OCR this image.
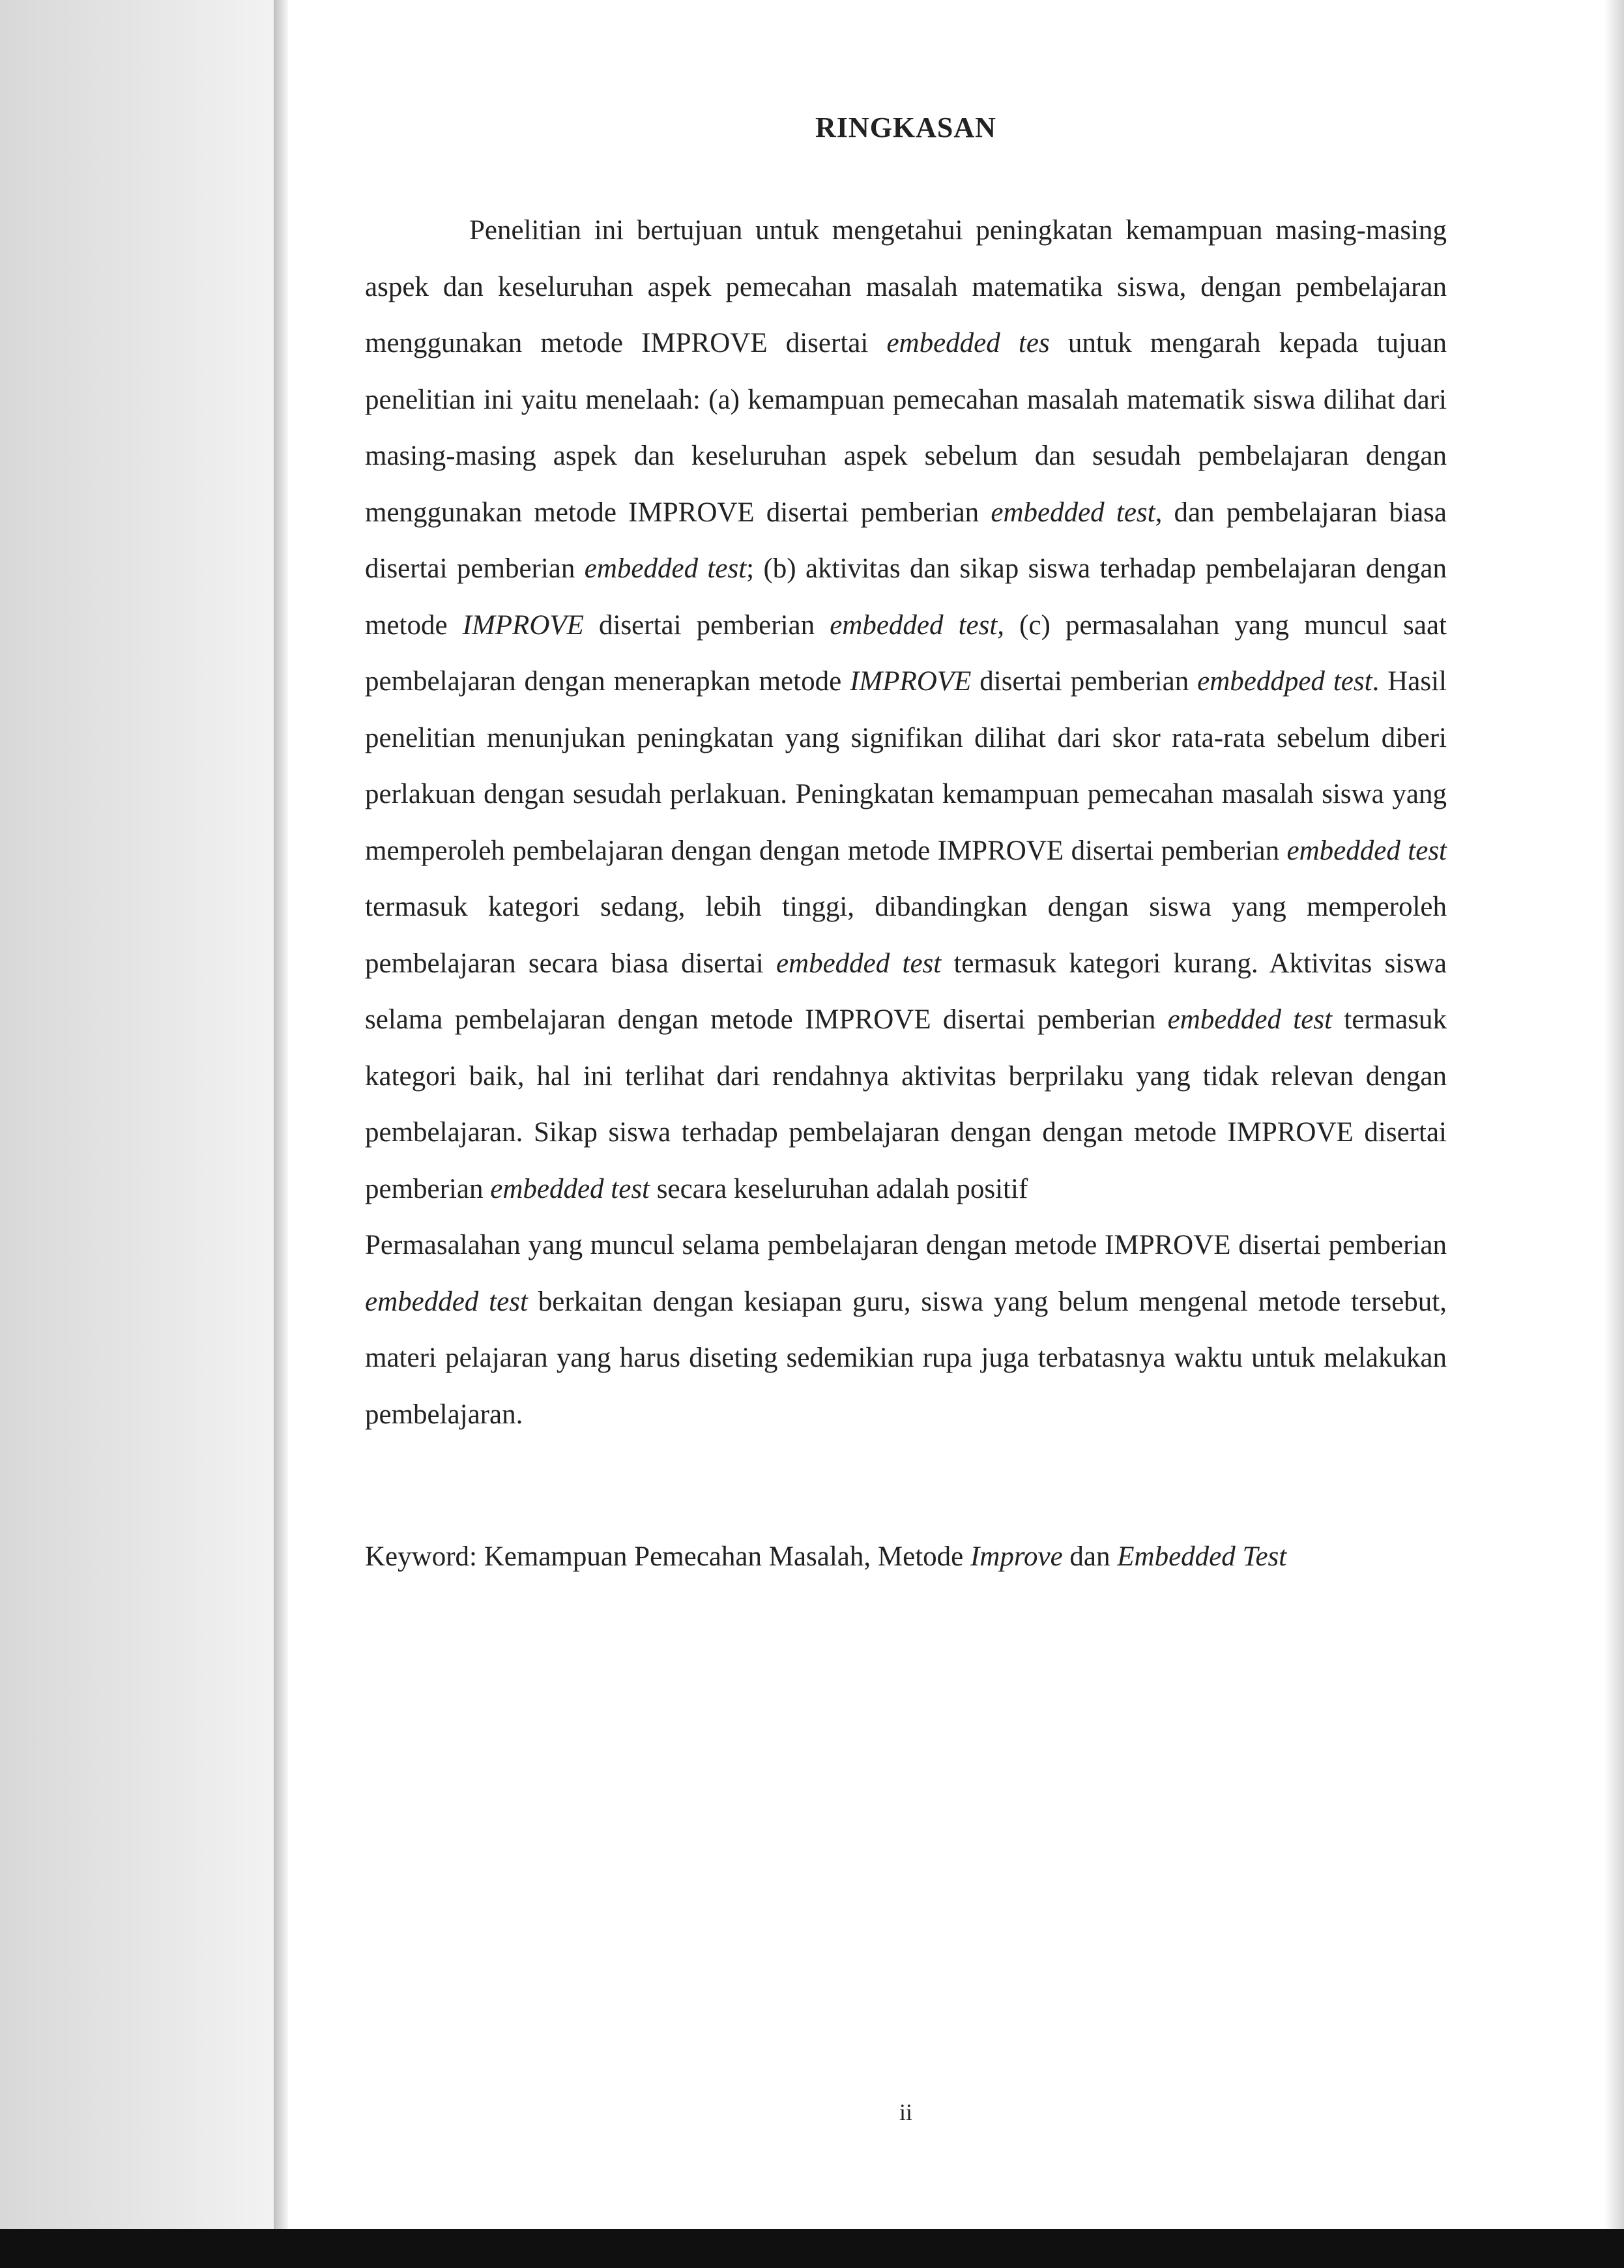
RINGKASAN

Penelitian ini bertujuan untuk mengetahui peningkatan kemampuan masing-masing aspek dan keseluruhan aspek pemecahan masalah matematika siswa, dengan pembelajaran menggunakan metode IMPROVE disertai embedded tes untuk mengarah kepada tujuan penelitian ini yaitu menelaah: (a) kemampuan pemecahan masalah matematik siswa dilihat dari masing-masing aspek dan keseluruhan aspek sebelum dan sesudah pembelajaran dengan menggunakan metode IMPROVE disertai pemberian embedded test, dan pembelajaran biasa disertai pemberian embedded test; (b) aktivitas dan sikap siswa terhadap pembelajaran dengan metode IMPROVE disertai pemberian embedded test, (c) permasalahan yang muncul saat pembelajaran dengan menerapkan metode IMPROVE disertai pemberian embeddped test. Hasil penelitian menunjukan peningkatan yang signifikan dilihat dari skor rata-rata sebelum diberi perlakuan dengan sesudah perlakuan. Peningkatan kemampuan pemecahan masalah siswa yang memperoleh pembelajaran dengan dengan metode IMPROVE disertai pemberian embedded test termasuk kategori sedang, lebih tinggi, dibandingkan dengan siswa yang memperoleh pembelajaran secara biasa disertai embedded test termasuk kategori kurang. Aktivitas siswa selama pembelajaran dengan metode IMPROVE disertai pemberian embedded test termasuk kategori baik, hal ini terlihat dari rendahnya aktivitas berprilaku yang tidak relevan dengan pembelajaran. Sikap siswa terhadap pembelajaran dengan dengan metode IMPROVE disertai pemberian embedded test secara keseluruhan adalah positif

Permasalahan yang muncul selama pembelajaran dengan metode IMPROVE disertai pemberian embedded test berkaitan dengan kesiapan guru, siswa yang belum mengenal metode tersebut, materi pelajaran yang harus diseting sedemikian rupa juga terbatasnya waktu untuk melakukan pembelajaran.

Keyword: Kemampuan Pemecahan Masalah, Metode Improve dan Embedded Test
ii
